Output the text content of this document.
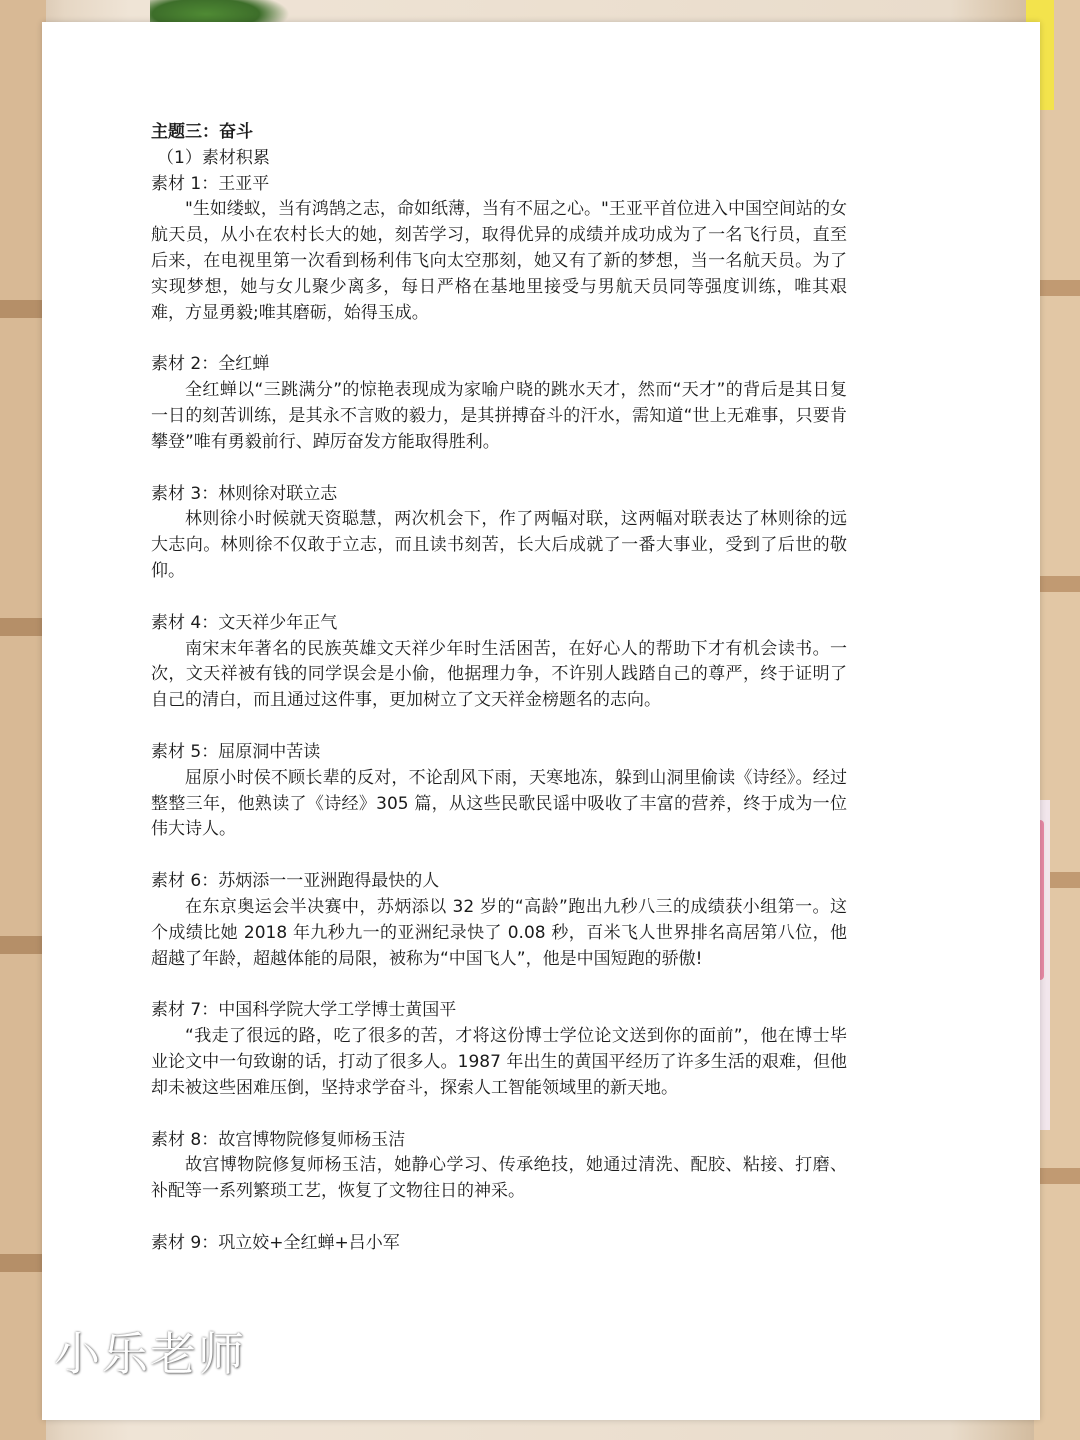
主题三：奋斗
（1）素材积累
素材 1：王亚平
"生如缕蚁，当有鸿鹄之志，命如纸薄，当有不屈之心。"王亚平首位进入中国空间站的女航天员，从小在农村长大的她，刻苦学习，取得优异的成绩并成功成为了一名飞行员，直至后来，在电视里第一次看到杨利伟飞向太空那刻，她又有了新的梦想，当一名航天员。为了实现梦想，她与女儿聚少离多，每日严格在基地里接受与男航天员同等强度训练，唯其艰难，方显勇毅;唯其磨砺，始得玉成。
素材 2：全红蝉
全红蝉以“三跳满分”的惊艳表现成为家喻户晓的跳水天才，然而“天才”的背后是其日复一日的刻苦训练，是其永不言败的毅力，是其拼搏奋斗的汗水，需知道“世上无难事，只要肯攀登”唯有勇毅前行、踔厉奋发方能取得胜利。
素材 3：林则徐对联立志
林则徐小时候就天资聪慧，两次机会下，作了两幅对联，这两幅对联表达了林则徐的远大志向。林则徐不仅敢于立志，而且读书刻苦，长大后成就了一番大事业，受到了后世的敬仰。
素材 4：文天祥少年正气
南宋末年著名的民族英雄文天祥少年时生活困苦，在好心人的帮助下才有机会读书。一次，文天祥被有钱的同学误会是小偷，他据理力争，不许别人践踏自己的尊严，终于证明了自己的清白，而且通过这件事，更加树立了文天祥金榜题名的志向。
素材 5：屈原洞中苦读
屈原小时侯不顾长辈的反对，不论刮风下雨，天寒地冻，躲到山洞里偷读《诗经》。经过整整三年，他熟读了《诗经》305 篇，从这些民歌民谣中吸收了丰富的营养，终于成为一位伟大诗人。
素材 6：苏炳添一一亚洲跑得最快的人
在东京奥运会半决赛中，苏炳添以 32 岁的“高龄”跑出九秒八三的成绩获小组第一。这个成绩比她 2018 年九秒九一的亚洲纪录快了 0.08 秒，百米飞人世界排名高居第八位，他超越了年龄，超越体能的局限，被称为“中国飞人”，他是中国短跑的骄傲!
素材 7：中国科学院大学工学博士黄国平
“我走了很远的路，吃了很多的苦，才将这份博士学位论文送到你的面前”，他在博士毕业论文中一句致谢的话，打动了很多人。1987 年出生的黄国平经历了许多生活的艰难，但他却未被这些困难压倒，坚持求学奋斗，探索人工智能领域里的新天地。
素材 8：故宫博物院修复师杨玉洁
故宫博物院修复师杨玉洁，她静心学习、传承绝技，她通过清洗、配胶、粘接、打磨、补配等一系列繁琐工艺，恢复了文物往日的神采。
素材 9：巩立姣+全红蝉+吕小军
小乐老师
